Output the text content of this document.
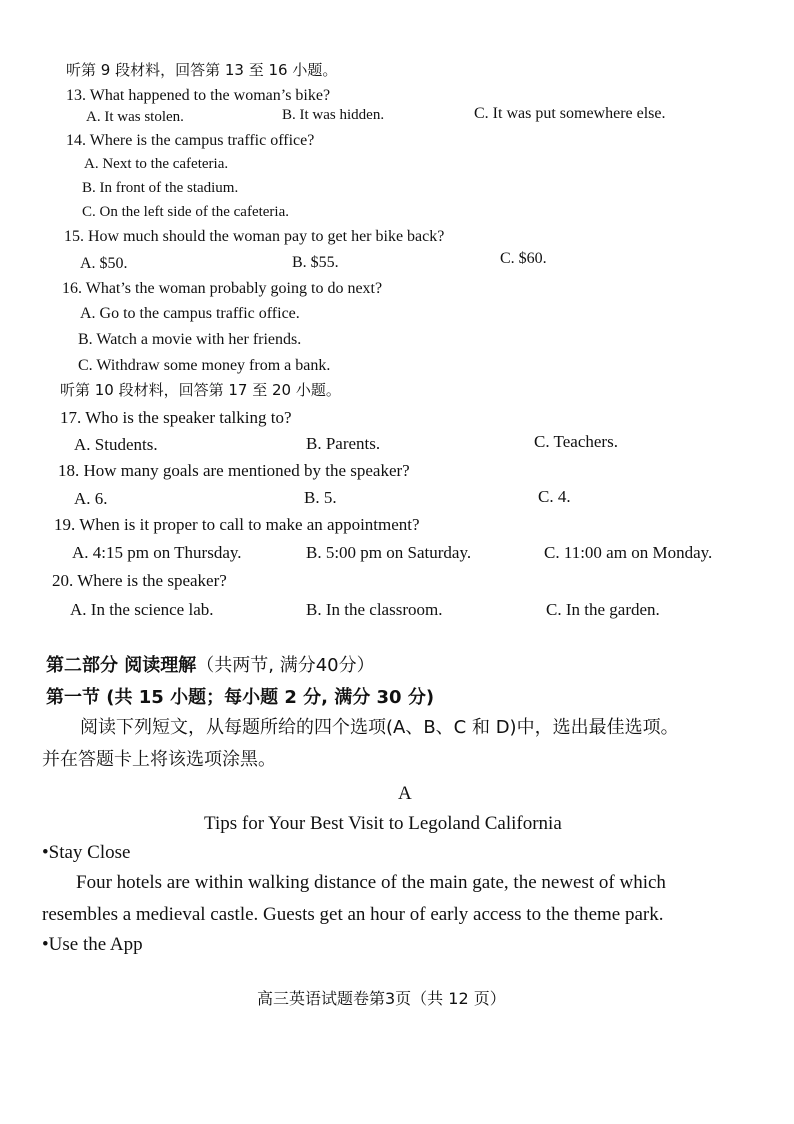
听第 9 段材料，回答第 13 至 16 小题。
13. What happened to the woman’s bike?
A. It was stolen.	B. It was hidden.	C. It was put somewhere else.
14. Where is the campus traffic office?
A. Next to the cafeteria.
B. In front of the stadium.
C. On the left side of the cafeteria.
15. How much should the woman pay to get her bike back?
A. $50.	B. $55.	C. $60.
16. What’s the woman probably going to do next?
A. Go to the campus traffic office.
B. Watch a movie with her friends.
C. Withdraw some money from a bank.
听第 10 段材料，回答第 17 至 20 小题。
17. Who is the speaker talking to?
A. Students.	B. Parents.	C. Teachers.
18. How many goals are mentioned by the speaker?
A. 6.	B. 5.	C. 4.
19. When is it proper to call to make an appointment?
A. 4:15 pm on Thursday.	B. 5:00 pm on Saturday.	C. 11:00 am on Monday.
20. Where is the speaker?
A. In the science lab.	B. In the classroom.	C. In the garden.
第二部分 阅读理解（共两节, 满分40分）
第一节 (共 15 小题；每小题 2 分, 满分 30 分)
阅读下列短文，从每题所给的四个选项(A、B、C 和 D)中，选出最佳选项。
并在答题卡上将该选项涂黑。
A
Tips for Your Best Visit to Legoland California
•Stay Close
Four hotels are within walking distance of the main gate, the newest of which
resembles a medieval castle. Guests get an hour of early access to the theme park.
•Use the App
高三英语试题卷第3页（共 12 页）
